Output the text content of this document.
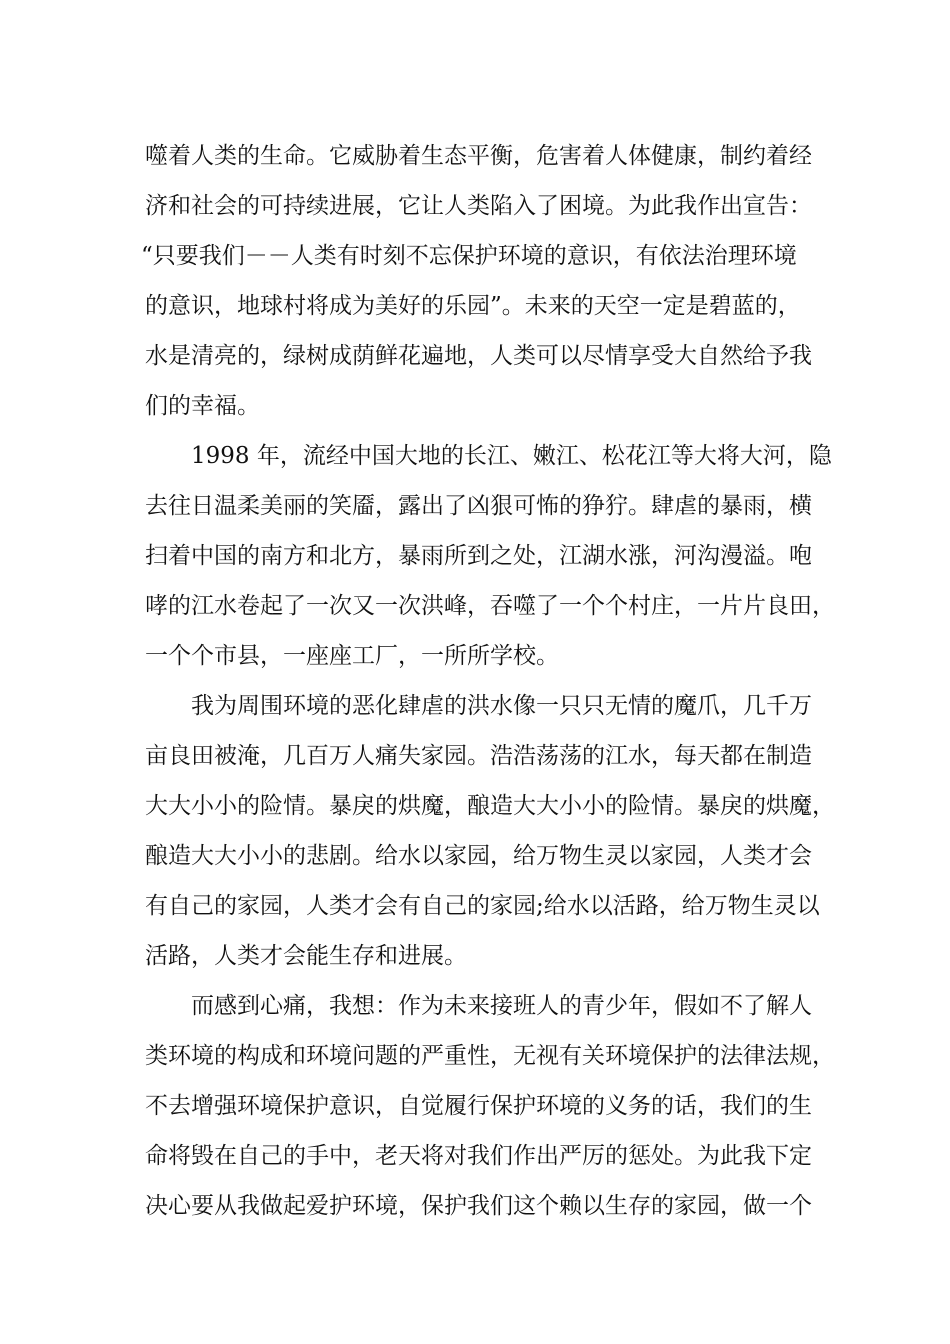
噬着人类的生命。它威胁着生态平衡，危害着人体健康，制约着经
济和社会的可持续进展，它让人类陷入了困境。为此我作出宣告：
“只要我们－－人类有时刻不忘保护环境的意识，有依法治理环境
的意识，地球村将成为美好的乐园”。未来的天空一定是碧蓝的，
水是清亮的，绿树成荫鲜花遍地，人类可以尽情享受大自然给予我
们的幸福。
1998 年，流经中国大地的长江、嫩江、松花江等大将大河，隐
去往日温柔美丽的笑靥，露出了凶狠可怖的狰狞。肆虐的暴雨，横
扫着中国的南方和北方，暴雨所到之处，江湖水涨，河沟漫溢。咆
哮的江水卷起了一次又一次洪峰，吞噬了一个个村庄，一片片良田，
一个个市县，一座座工厂，一所所学校。
我为周围环境的恶化肆虐的洪水像一只只无情的魔爪，几千万
亩良田被淹，几百万人痛失家园。浩浩荡荡的江水，每天都在制造
大大小小的险情。暴戾的烘魔，酿造大大小小的险情。暴戾的烘魔，
酿造大大小小的悲剧。给水以家园，给万物生灵以家园，人类才会
有自己的家园，人类才会有自己的家园;给水以活路，给万物生灵以
活路，人类才会能生存和进展。
而感到心痛，我想：作为未来接班人的青少年，假如不了解人
类环境的构成和环境问题的严重性，无视有关环境保护的法律法规，
不去增强环境保护意识，自觉履行保护环境的义务的话，我们的生
命将毁在自己的手中，老天将对我们作出严厉的惩处。为此我下定
决心要从我做起爱护环境，保护我们这个赖以生存的家园，做一个
